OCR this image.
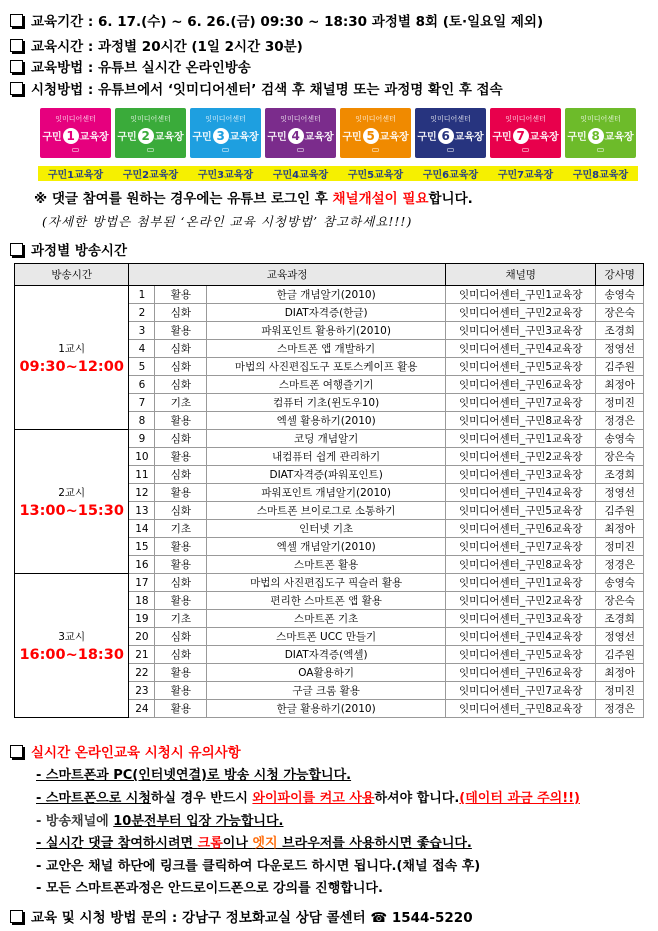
교육기간 : 6. 17.(수) ~ 6. 26.(금) 09:30 ~ 18:30 과정별 8회 (토·일요일 제외)
교육시간 : 과정별 20시간 (1일 2시간 30분)
교육방법 : 유튜브 실시간 온라인방송
시청방법 : 유튜브에서 ‘잇미디어센터’ 검색 후 채널명 또는 과정명 확인 후 접속
잇미디어센터
구민 1 교육장
▭
잇미디어센터
구민 2 교육장
▭
잇미디어센터
구민 3 교육장
▭
잇미디어센터
구민 4 교육장
▭
잇미디어센터
구민 5 교육장
▭
잇미디어센터
구민 6 교육장
▭
잇미디어센터
구민 7 교육장
▭
잇미디어센터
구민 8 교육장
▭
구민1교육장	구민2교육장	구민3교육장	구민4교육장	구민5교육장	구민6교육장	구민7교육장	구민8교육장
※ 댓글 참여를 원하는 경우에는 유튜브 로그인 후 채널개설이 필요합니다.
(자세한 방법은 첨부된 ‘온라인 교육 시청방법’ 참고하세요!!!)
과정별 방송시간
방송시간	교육과정			채널명	강사명

1교시
09:30~12:00	1	활용	한글 개념알기(2010)	잇미디어센터_구민1교육장	송영숙
	2	심화	DIAT자격증(한글)	잇미디어센터_구민2교육장	장은숙
	3	활용	파워포인트 활용하기(2010)	잇미디어센터_구민3교육장	조경희
	4	심화	스마트폰 앱 개발하기	잇미디어센터_구민4교육장	정영선
	5	심화	마법의 사진편집도구 포토스케이프 활용	잇미디어센터_구민5교육장	김주원
	6	심화	스마트폰 여행즐기기	잇미디어센터_구민6교육장	최정아
	7	기초	컴퓨터 기초(윈도우10)	잇미디어센터_구민7교육장	정미진
	8	활용	엑셀 활용하기(2010)	잇미디어센터_구민8교육장	정경은

2교시
13:00~15:30	9	심화	코딩 개념알기	잇미디어센터_구민1교육장	송영숙
	10	활용	내컴퓨터 쉽게 관리하기	잇미디어센터_구민2교육장	장은숙
	11	심화	DIAT자격증(파워포인트)	잇미디어센터_구민3교육장	조경희
	12	활용	파워포인트 개념알기(2010)	잇미디어센터_구민4교육장	정영선
	13	심화	스마트폰 브이로그로 소통하기	잇미디어센터_구민5교육장	김주원
	14	기초	인터넷 기초	잇미디어센터_구민6교육장	최정아
	15	활용	엑셀 개념알기(2010)	잇미디어센터_구민7교육장	정미진
	16	활용	스마트폰 활용	잇미디어센터_구민8교육장	정경은

3교시
16:00~18:30	17	심화	마법의 사진편집도구 픽슬러 활용	잇미디어센터_구민1교육장	송영숙
	18	활용	편리한 스마트폰 앱 활용	잇미디어센터_구민2교육장	장은숙
	19	기초	스마트폰 기초	잇미디어센터_구민3교육장	조경희
	20	심화	스마트폰 UCC 만들기	잇미디어센터_구민4교육장	정영선
	21	심화	DIAT자격증(엑셀)	잇미디어센터_구민5교육장	김주원
	22	활용	OA활용하기	잇미디어센터_구민6교육장	최정아
	23	활용	구글 크롬 활용	잇미디어센터_구민7교육장	정미진
	24	활용	한글 활용하기(2010)	잇미디어센터_구민8교육장	정경은
실시간 온라인교육 시청시 유의사항
- 스마트폰과 PC(인터넷연결)로 방송 시청 가능합니다.
- 스마트폰으로 시청하실 경우 반드시 와이파이를 켜고 사용하셔야 합니다.(데이터 과금 주의!!)
- 방송채널에 10분전부터 입장 가능합니다.
- 실시간 댓글 참여하시려면 크롬이나 엣지 브라우저를 사용하시면 좋습니다.
- 교안은 채널 하단에 링크를 클릭하여 다운로드 하시면 됩니다.(채널 접속 후)
- 모든 스마트폰과정은 안드로이드폰으로 강의를 진행합니다.
교육 및 시청 방법 문의 : 강남구 정보화교실 상담 콜센터 ☎ 1544-5220
